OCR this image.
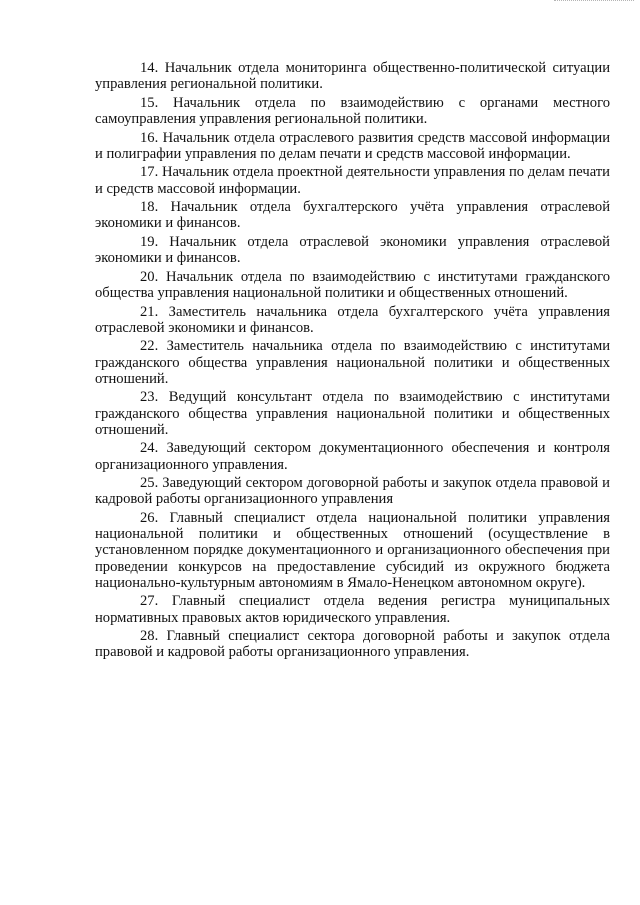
14. Начальник отдела мониторинга общественно-политической ситуации управления региональной политики.

15. Начальник отдела по взаимодействию с органами местного самоуправления управления региональной политики.

16. Начальник отдела отраслевого развития средств массовой информации и полиграфии управления по делам печати и средств массовой информации.

17. Начальник отдела проектной деятельности управления по делам печати и средств массовой информации.

18. Начальник отдела бухгалтерского учёта управления отраслевой экономики и финансов.

19. Начальник отдела отраслевой экономики управления отраслевой экономики и финансов.

20. Начальник отдела по взаимодействию с институтами гражданского общества управления национальной политики и общественных отношений.

21. Заместитель начальника отдела бухгалтерского учёта управления отраслевой экономики и финансов.

22. Заместитель начальника отдела по взаимодействию с институтами гражданского общества управления национальной политики и общественных отношений.

23. Ведущий консультант отдела по взаимодействию с институтами гражданского общества управления национальной политики и общественных отношений.

24. Заведующий сектором документационного обеспечения и контроля организационного управления.

25. Заведующий сектором договорной работы и закупок отдела правовой и кадровой работы организационного управления

26. Главный специалист отдела национальной политики управления национальной политики и общественных отношений (осуществление в установленном порядке документационного и организационного обеспечения при проведении конкурсов на предоставление субсидий из окружного бюджета национально-культурным автономиям в Ямало-Ненецком автономном округе).

27. Главный специалист отдела ведения регистра муниципальных нормативных правовых актов юридического управления.

28. Главный специалист сектора договорной работы и закупок отдела правовой и кадровой работы организационного управления.
